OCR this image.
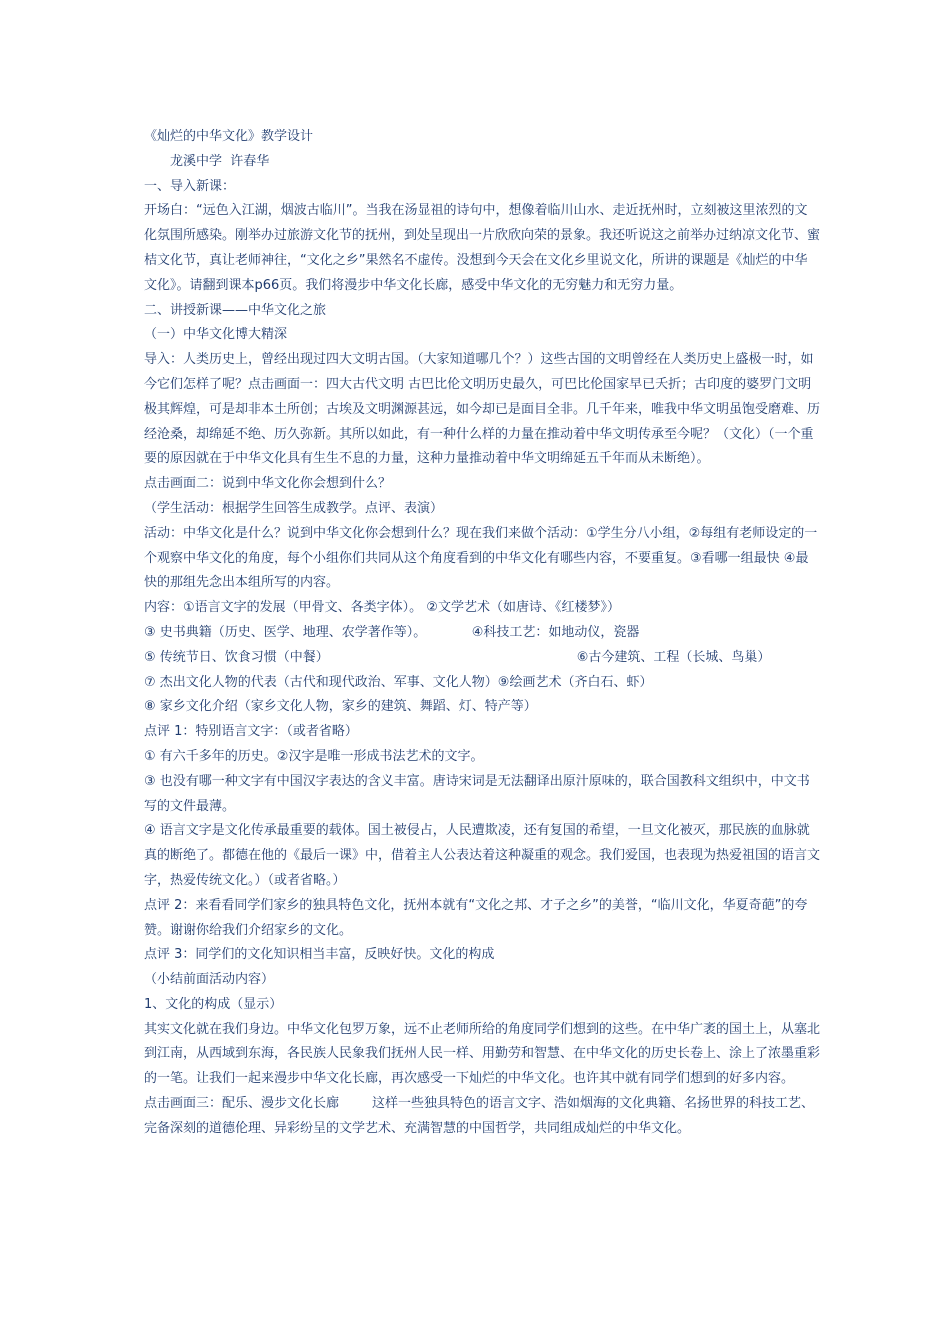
《灿烂的中华文化》教学设计

龙溪中学  许春华

一、导入新课：

开场白：“远色入江湖，烟波古临川”。当我在汤显祖的诗句中，想像着临川山水、走近抚州时，立刻被这里浓烈的文化氛围所感染。刚举办过旅游文化节的抚州，到处呈现出一片欣欣向荣的景象。我还听说这之前举办过纳凉文化节、蜜桔文化节，真让老师神往，“文化之乡”果然名不虚传。没想到今天会在文化乡里说文化，所讲的课题是《灿烂的中华文化》。请翻到课本p66页。我们将漫步中华文化长廊，感受中华文化的无穷魅力和无穷力量。

二、讲授新课——中华文化之旅

（一）中华文化博大精深

导入：人类历史上，曾经出现过四大文明古国。（大家知道哪几个？）这些古国的文明曾经在人类历史上盛极一时，如今它们怎样了呢？点击画面一：四大古代文明 古巴比伦文明历史最久，可巴比伦国家早已夭折；古印度的婆罗门文明极其辉煌，可是却非本土所创；古埃及文明渊源甚远，如今却已是面目全非。几千年来，唯我中华文明虽饱受磨难、历经沧桑，却绵延不绝、历久弥新。其所以如此，有一种什么样的力量在推动着中华文明传承至今呢？（文化）（一个重要的原因就在于中华文化具有生生不息的力量，这种力量推动着中华文明绵延五千年而从未断绝）。

点击画面二：说到中华文化你会想到什么？

（学生活动：根据学生回答生成教学。点评、表演）

活动：中华文化是什么？说到中华文化你会想到什么？现在我们来做个活动：①学生分八小组，②每组有老师设定的一个观察中华文化的角度，每个小组你们共同从这个角度看到的中华文化有哪些内容，不要重复。③看哪一组最快 ④最快的那组先念出本组所写的内容。

内容：①语言文字的发展（甲骨文、各类字体）。 ②文学艺术（如唐诗、《红楼梦》）

③ 史书典籍（历史、医学、地理、农学著作等）。           ④科技工艺：如地动仪，瓷器

⑤ 传统节日、饮食习惯（中餐）                                                            ⑥古今建筑、工程（长城、鸟巢）

⑦ 杰出文化人物的代表（古代和现代政治、军事、文化人物）⑨绘画艺术（齐白石、虾）

⑧ 家乡文化介绍（家乡文化人物，家乡的建筑、舞蹈、灯、特产等）

点评 1：特别语言文字：（或者省略）

① 有六千多年的历史。②汉字是唯一形成书法艺术的文字。

③ 也没有哪一种文字有中国汉字表达的含义丰富。唐诗宋词是无法翻译出原汁原味的，联合国教科文组织中，中文书写的文件最薄。

④ 语言文字是文化传承最重要的载体。国土被侵占，人民遭欺凌，还有复国的希望，一旦文化被灭，那民族的血脉就真的断绝了。都德在他的《最后一课》中，借着主人公表达着这种凝重的观念。我们爱国，也表现为热爱祖国的语言文字，热爱传统文化。）（或者省略。）

点评 2：来看看同学们家乡的独具特色文化，抚州本就有“文化之邦、才子之乡”的美誉，“临川文化，华夏奇葩”的夸赞。谢谢你给我们介绍家乡的文化。

点评 3：同学们的文化知识相当丰富，反映好快。文化的构成

（小结前面活动内容）

1、文化的构成（显示）

其实文化就在我们身边。中华文化包罗万象，远不止老师所给的角度同学们想到的这些。在中华广袤的国土上，从塞北到江南，从西域到东海，各民族人民象我们抚州人民一样、用勤劳和智慧、在中华文化的历史长卷上、涂上了浓墨重彩的一笔。让我们一起来漫步中华文化长廊，再次感受一下灿烂的中华文化。也许其中就有同学们想到的好多内容。

点击画面三：配乐、漫步文化长廊        这样一些独具特色的语言文字、浩如烟海的文化典籍、名扬世界的科技工艺、完备深刻的道德伦理、异彩纷呈的文学艺术、充满智慧的中国哲学，共同组成灿烂的中华文化。
